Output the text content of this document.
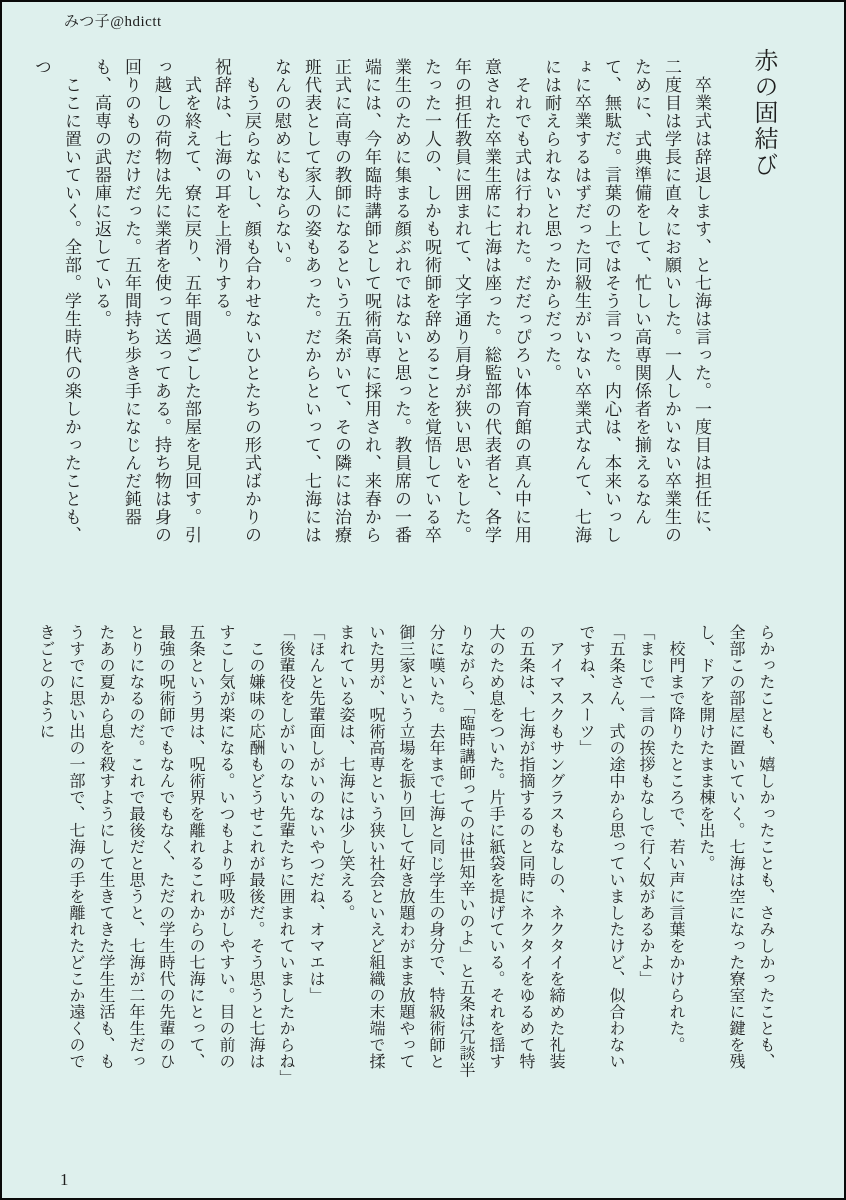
みつ子@hdictt
赤の固結び

　卒業式は辞退します、と七海は言った。一度目は担任に、二度目は学長に直々にお願いした。一人しかいない卒業生のために、式典準備をして、忙しい高専関係者を揃えるなんて、無駄だ。言葉の上ではそう言った。内心は、本来いっしょに卒業するはずだった同級生がいない卒業式なんて、七海には耐えられないと思ったからだった。

　それでも式は行われた。だだっぴろい体育館の真ん中に用意された卒業生席に七海は座った。総監部の代表者と、各学年の担任教員に囲まれて、文字通り肩身が狭い思いをした。たった一人の、しかも呪術師を辞めることを覚悟している卒業生のために集まる顔ぶれではないと思った。教員席の一番端には、今年臨時講師として呪術高専に採用され、来春から正式に高専の教師になるという五条がいて、その隣には治療班代表として家入の姿もあった。だからといって、七海にはなんの慰めにもならない。

　もう戻らないし、顔も合わせないひとたちの形式ばかりの祝辞は、七海の耳を上滑りする。

　式を終えて、寮に戻り、五年間過ごした部屋を見回す。引っ越しの荷物は先に業者を使って送ってある。持ち物は身の回りのものだけだった。五年間持ち歩き手になじんだ鈍器も、高専の武器庫に返している。

　ここに置いていく。全部。学生時代の楽しかったことも、つ

らかったことも、嬉しかったことも、さみしかったことも、全部この部屋に置いていく。七海は空になった寮室に鍵を残し、ドアを開けたまま棟を出た。

　校門まで降りたところで、若い声に言葉をかけられた。

「まじで一言の挨拶もなしで行く奴があるかよ」

「五条さん、式の途中から思っていましたけど、似合わないですね、スーツ」

　アイマスクもサングラスもなしの、ネクタイを締めた礼装の五条は、七海が指摘するのと同時にネクタイをゆるめて特大のため息をついた。片手に紙袋を提げている。それを揺すりながら、「臨時講師ってのは世知辛いのよ」と五条は冗談半分に嘆いた。去年まで七海と同じ学生の身分で、特級術師と御三家という立場を振り回して好き放題わがまま放題やっていた男が、呪術高専という狭い社会といえど組織の末端で揉まれている姿は、七海には少し笑える。

「ほんと先輩面しがいのないやつだね、オマエは」

「後輩役をしがいのない先輩たちに囲まれていましたからね」

　この嫌味の応酬もどうせこれが最後だ。そう思うと七海はすこし気が楽になる。いつもより呼吸がしやすい。目の前の五条という男は、呪術界を離れるこれからの七海にとって、最強の呪術師でもなんでもなく、ただの学生時代の先輩のひとりになるのだ。これで最後だと思うと、七海が二年生だったあの夏から息を殺すようにして生きてきた学生生活も、もうすでに思い出の一部で、七海の手を離れたどこか遠くのできごとのように

1
